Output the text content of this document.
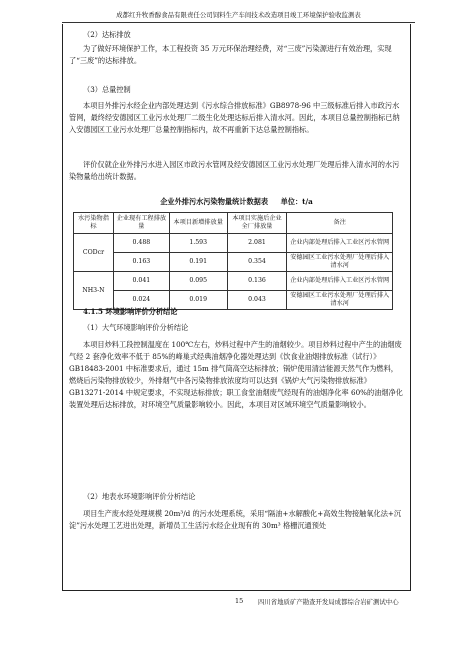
成都红升牧香醇食品有限责任公司饲料生产车间技术改造项目竣工环境保护验收监测表
（2）达标排放
为了做好环境保护工作，本工程投资 35 万元环保治理经费，对“三废”污染源进行有效治理，实现了“三废”的达标排放。
（3）总量控制
本项目外排污水经企业内部处理达到《污水综合排放标准》GB8978-96 中三级标准后排入市政污水管网，最终经安德园区工业污水处理厂二级生化处理达标后排入清水河。因此，本项目总量控制指标已纳入安德园区工业污水处理厂总量控制指标内，故不再重新下达总量控制指标。
评价仅就企业外排污水进入园区市政污水管网及经安德园区工业污水处理厂处理后排入清水河的水污染物量给出统计数据。
企业外排污水污染物量统计数据表 单位：t/a
水污染物指标	企业现有工程排放量	本项目新增排放量	本项目实施后企业全厂排放量	备注
CODcr	0.488	1.593	2.081	企业内部处理后排入工业区污水管网
	0.163	0.191	0.354	安德园区工业污水处理厂处理后排入清水河
NH3-N	0.041	0.095	0.136	企业内部处理后排入工业区污水管网
	0.024	0.019	0.043	安德园区工业污水处理厂处理后排入清水河
4.1.5 环境影响评价分析结论
（1）大气环境影响评价分析结论
本项目炒料工段控制温度在 100℃左右，炒料过程中产生的油烟较少。项目炒料过程中产生的油烟废气经 2 套净化效率不低于 85%的峰巢式经典油烟净化器处理达到《饮食业油烟排放标准（试行）》GB18483-2001 中标准要求后，通过 15m 排气筒高空达标排放；锅炉使用清洁能源天然气作为燃料，燃烧后污染物排放较少，外排烟气中各污染物排放浓度均可以达到《锅炉大气污染物排放标准》GB13271-2014 中规定要求，不实现达标排放；职工食堂油烟废气经现有的油烟净化率 60%的油烟净化装置处理后达标排放，对环境空气质量影响较小。因此，本项目对区域环境空气质量影响较小。
（2）地表水环境影响评价分析结论
项目生产废水经处理规模 20m³/d 的污水处理系统，采用“隔油+水解酸化+高效生物接触氧化法+沉淀”污水处理工艺进出处理，新增员工生活污水经企业现有的 30m³ 格栅沉通预处
15 四川省地质矿产勘查开发局成都综合岩矿测试中心
